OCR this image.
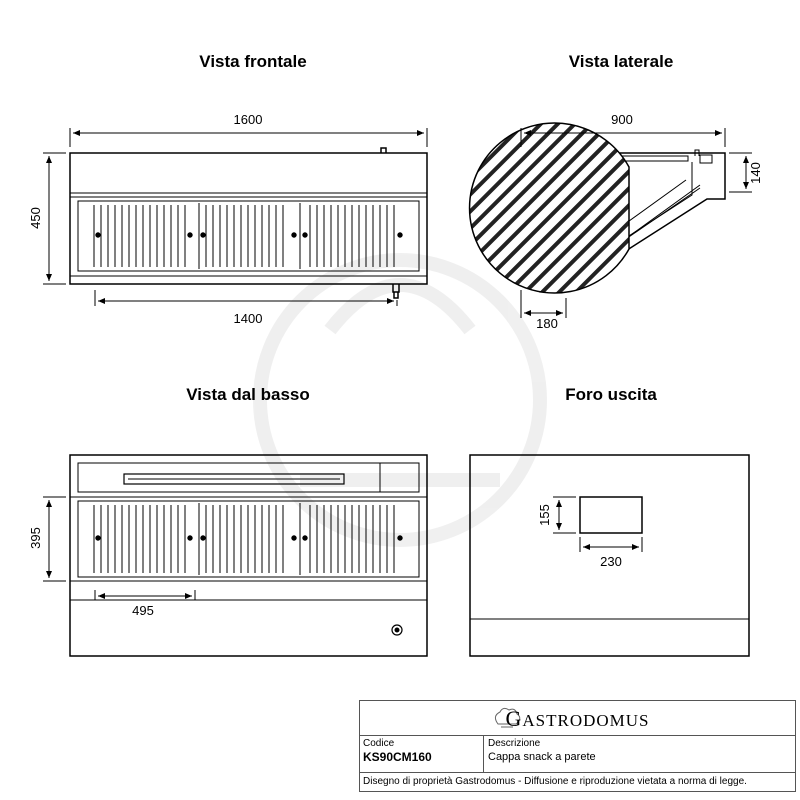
Vista frontale	Vista laterale
Vista dal basso	Foro uscita
1600
1400
450
900
140
180
395
495
155
230
GASTRODOMUS
Codice
KS90CM160
Descrizione
Cappa snack a parete
Disegno di proprietà Gastrodomus - Diffusione e riproduzione vietata a norma di legge.
